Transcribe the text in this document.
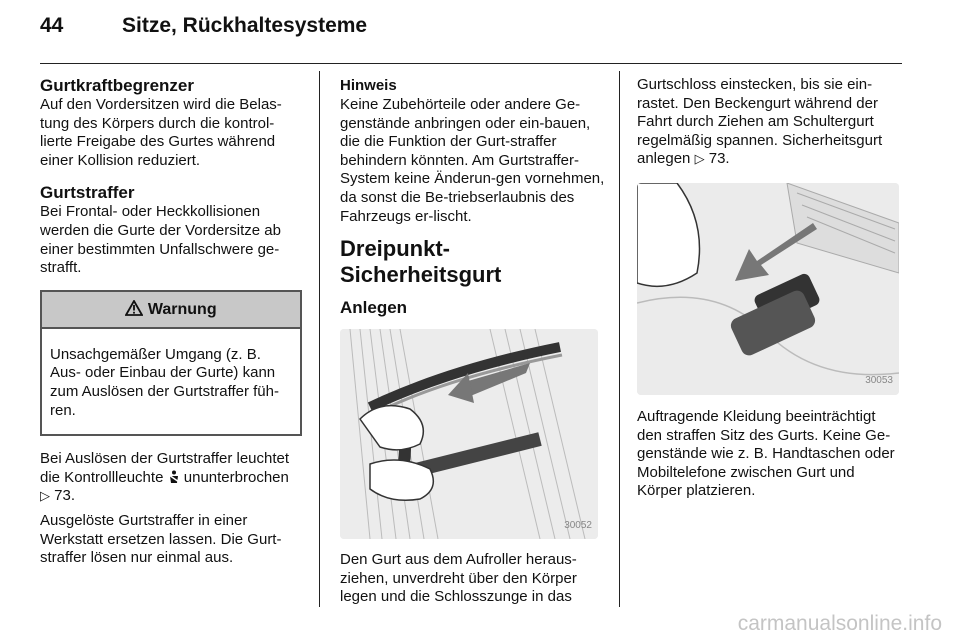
44	Sitze, Rückhaltesysteme

Gurtkraftbegrenzer

Auf den Vordersitzen wird die Belas-tung des Körpers durch die kontrol-lierte Freigabe des Gurtes während einer Kollision reduziert.

Gurtstraffer

Bei Frontal- oder Heckkollisionen werden die Gurte der Vordersitze ab einer bestimmten Unfallschwere ge-strafft.

Warnung
Unsachgemäßer Umgang (z. B. Aus- oder Einbau der Gurte) kann zum Auslösen der Gurtstraffer füh-ren.

Bei Auslösen der Gurtstraffer leuchtet die Kontrollleuchte ununterbrochen
▷ 73.

Ausgelöste Gurtstraffer in einer Werkstatt ersetzen lassen. Die Gurt-straffer lösen nur einmal aus.

Hinweis

Keine Zubehörteile oder andere Ge-genstände anbringen oder ein-bauen, die die Funktion der Gurt-straffer behindern könnten. Am Gurtstraffer-System keine Änderun-gen vornehmen, da sonst die Be-triebserlaubnis des Fahrzeugs er-lischt.

Dreipunkt-Sicherheitsgurt

Anlegen

30052

Den Gurt aus dem Aufroller heraus-ziehen, unverdreht über den Körper legen und die Schlosszunge in das

Gurtschloss einstecken, bis sie ein-rastet. Den Beckengurt während der Fahrt durch Ziehen am Schultergurt regelmäßig spannen. Sicherheitsgurt anlegen ▷ 73.

30053

Auftragende Kleidung beeinträchtigt den straffen Sitz des Gurts. Keine Ge-genstände wie z. B. Handtaschen oder Mobiltelefone zwischen Gurt und Körper platzieren.

carmanualsonline.info
